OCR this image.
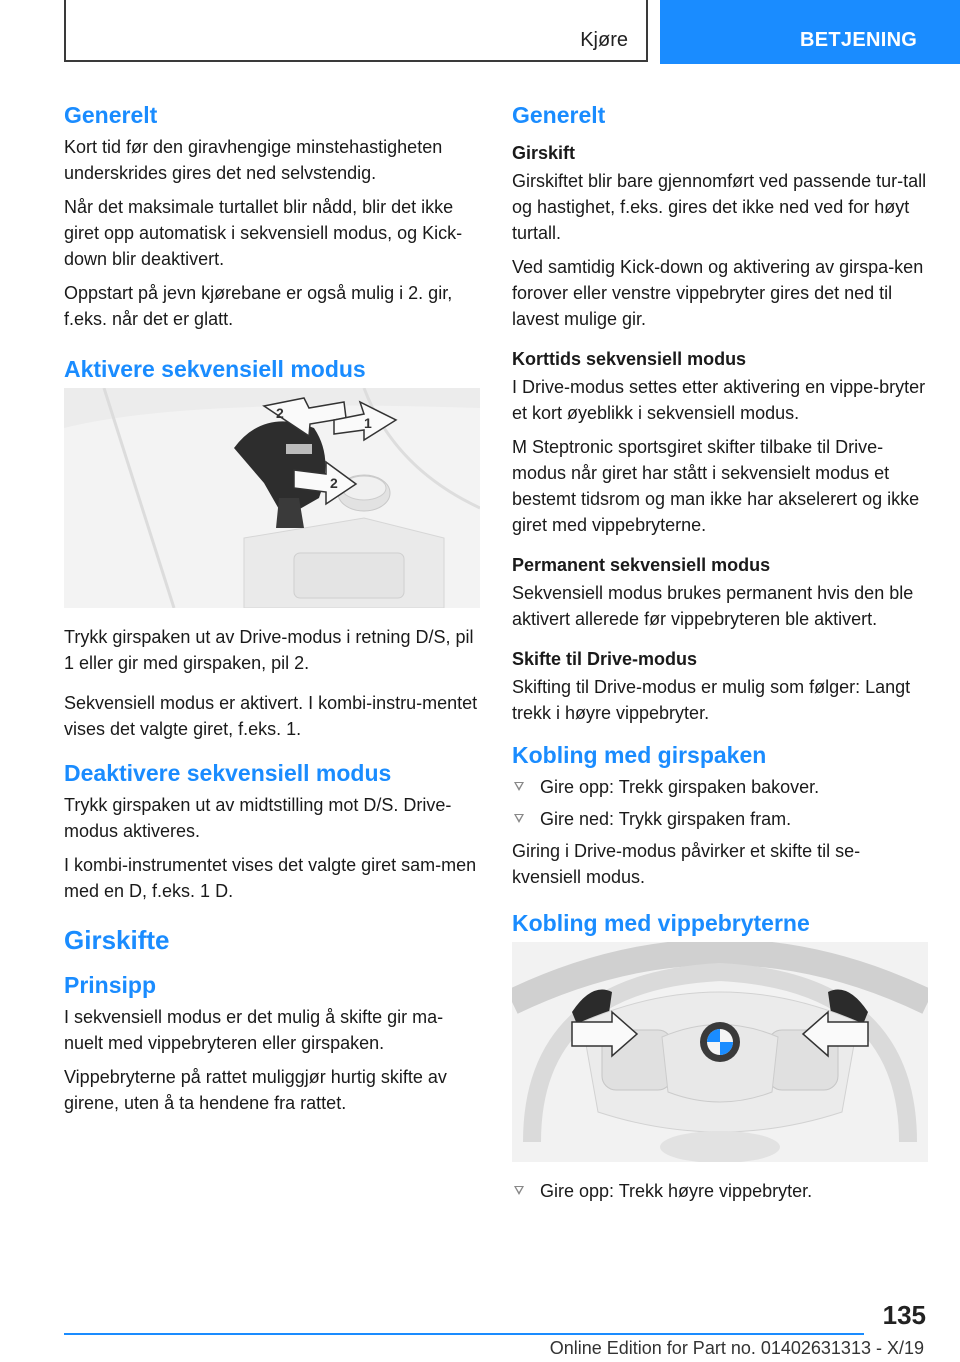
Kjøre	BETJENING
Generelt

Kort tid før den giravhengige minstehastigheten underskrides gires det ned selvstendig.

Når det maksimale turtallet blir nådd, blir det ikke giret opp automatisk i sekvensiell modus, og Kick-down blir deaktivert.

Oppstart på jevn kjørebane er også mulig i 2. gir, f.eks. når det er glatt.

Aktivere sekvensiell modus
2
1
2

Trykk girspaken ut av Drive-modus i retning D/S, pil 1 eller gir med girspaken, pil 2.

Sekvensiell modus er aktivert. I kombi-instru-mentet vises det valgte giret, f.eks. 1.

Deaktivere sekvensiell modus

Trykk girspaken ut av midtstilling mot D/S. Drive-modus aktiveres.

I kombi-instrumentet vises det valgte giret sam-men med en D, f.eks. 1 D.

Girskifte
Prinsipp

I sekvensiell modus er det mulig å skifte gir ma-nuelt med vippebryteren eller girspaken.

Vippebryterne på rattet muliggjør hurtig skifte av girene, uten å ta hendene fra rattet.

Generelt
Girskift

Girskiftet blir bare gjennomført ved passende tur-tall og hastighet, f.eks. gires det ikke ned ved for høyt turtall.

Ved samtidig Kick-down og aktivering av girspa-ken forover eller venstre vippebryter gires det ned til lavest mulige gir.

Korttids sekvensiell modus

I Drive-modus settes etter aktivering en vippe-bryter et kort øyeblikk i sekvensiell modus.

M Steptronic sportsgiret skifter tilbake til Drive-modus når giret har stått i sekvensielt modus et bestemt tidsrom og man ikke har akselerert og ikke giret med vippebryterne.

Permanent sekvensiell modus

Sekvensiell modus brukes permanent hvis den ble aktivert allerede før vippebryteren ble aktivert.

Skifte til Drive-modus

Skifting til Drive-modus er mulig som følger: Langt trekk i høyre vippebryter.

Kobling med girspaken
Gire opp: Trekk girspaken bakover.
Gire ned: Trykk girspaken fram.

Giring i Drive-modus påvirker et skifte til se-kvensiell modus.

Kobling med vippebryterne
Gire opp: Trekk høyre vippebryter.
135
Online Edition for Part no. 01402631313 - X/19
